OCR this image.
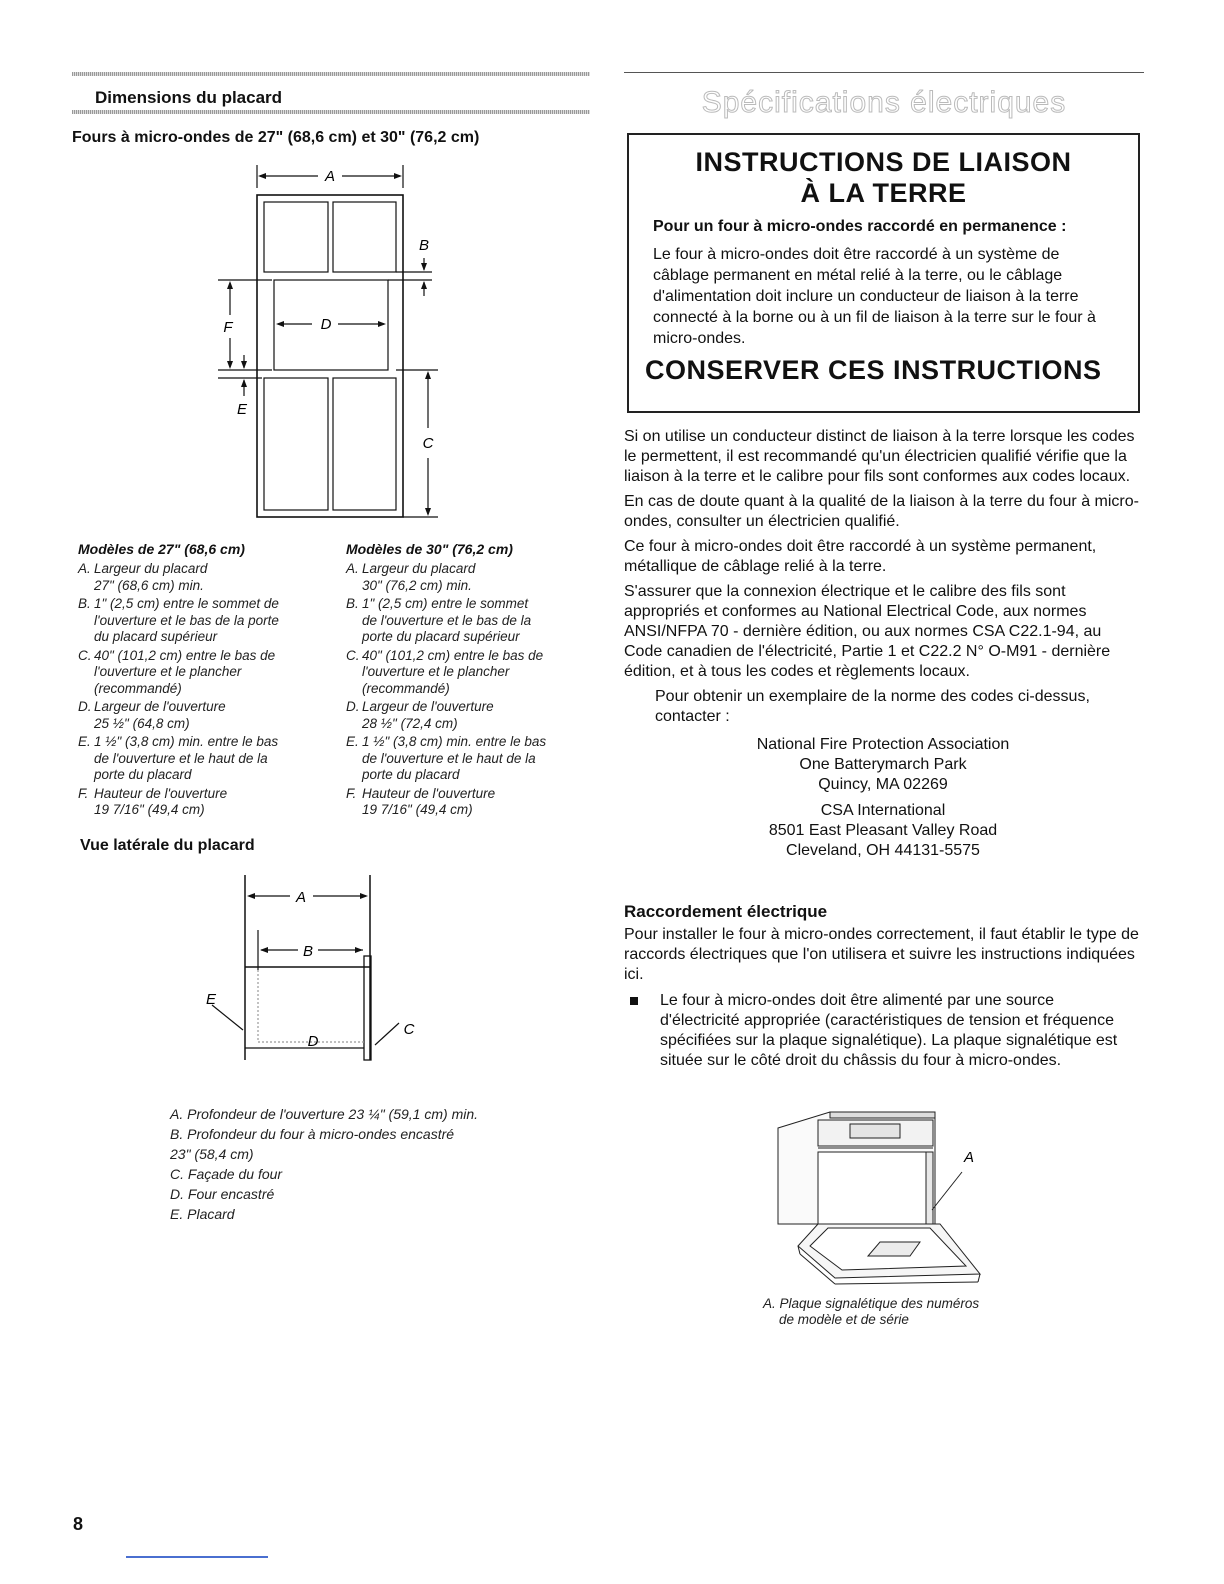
Dimensions du placard
Fours à micro-ondes de 27" (68,6 cm) et 30" (76,2 cm)
A
B
C
D
E
F
Modèles de 27" (68,6 cm)
A. Largeur du placard
27" (68,6 cm) min.
B. 1" (2,5 cm) entre le sommet de
l'ouverture et le bas de la porte
du placard supérieur
C. 40" (101,2 cm) entre le bas de
l'ouverture et le plancher
(recommandé)
D. Largeur de l'ouverture
25 ½" (64,8 cm)
E. 1 ½" (3,8 cm) min. entre le bas
de l'ouverture et le haut de la
porte du placard
F. Hauteur de l'ouverture
19 7/16" (49,4 cm)
Modèles de 30" (76,2 cm)
A. Largeur du placard
30" (76,2 cm) min.
B. 1" (2,5 cm) entre le sommet
de l'ouverture et le bas de la
porte du placard supérieur
C. 40" (101,2 cm) entre le bas de
l'ouverture et le plancher
(recommandé)
D. Largeur de l'ouverture
28 ½" (72,4 cm)
E. 1 ½" (3,8 cm) min. entre le bas
de l'ouverture et le haut de la
porte du placard
F. Hauteur de l'ouverture
19 7/16" (49,4 cm)
Vue latérale du placard
A
B
C
D
E
A. Profondeur de l'ouverture 23 ¼" (59,1 cm) min.
B. Profondeur du four à micro-ondes encastré
23" (58,4 cm)
C. Façade du four
D. Four encastré
E. Placard
Spécifications électriques
INSTRUCTIONS DE LIAISON
À LA TERRE
Pour un four à micro-ondes raccordé en permanence :
Le four à micro-ondes doit être raccordé à un système de câblage permanent en métal relié à la terre, ou le câblage d'alimentation doit inclure un conducteur de liaison à la terre connecté à la borne ou à un fil de liaison à la terre sur le four à micro-ondes.
CONSERVER CES INSTRUCTIONS
Si on utilise un conducteur distinct de liaison à la terre lorsque les codes le permettent, il est recommandé qu'un électricien qualifié vérifie que la liaison à la terre et le calibre pour fils sont conformes aux codes locaux.
En cas de doute quant à la qualité de la liaison à la terre du four à micro-ondes, consulter un électricien qualifié.
Ce four à micro-ondes doit être raccordé à un système permanent, métallique de câblage relié à la terre.
S'assurer que la connexion électrique et le calibre des fils sont appropriés et conformes au National Electrical Code, aux normes ANSI/NFPA 70 - dernière édition, ou aux normes CSA C22.1-94, au Code canadien de l'électricité, Partie 1 et C22.2 N° O-M91 - dernière édition, et à tous les codes et règlements locaux.
Pour obtenir un exemplaire de la norme des codes ci-dessus, contacter :
National Fire Protection Association
One Batterymarch Park
Quincy, MA 02269
CSA International
8501 East Pleasant Valley Road
Cleveland, OH 44131-5575
Raccordement électrique
Pour installer le four à micro-ondes correctement, il faut établir le type de raccords électriques que l'on utilisera et suivre les instructions indiquées ici.
Le four à micro-ondes doit être alimenté par une source d'électricité appropriée (caractéristiques de tension et fréquence spécifiées sur la plaque signalétique). La plaque signalétique est située sur le côté droit du châssis du four à micro-ondes.
A
A. Plaque signalétique des numéros
de modèle et de série
8
